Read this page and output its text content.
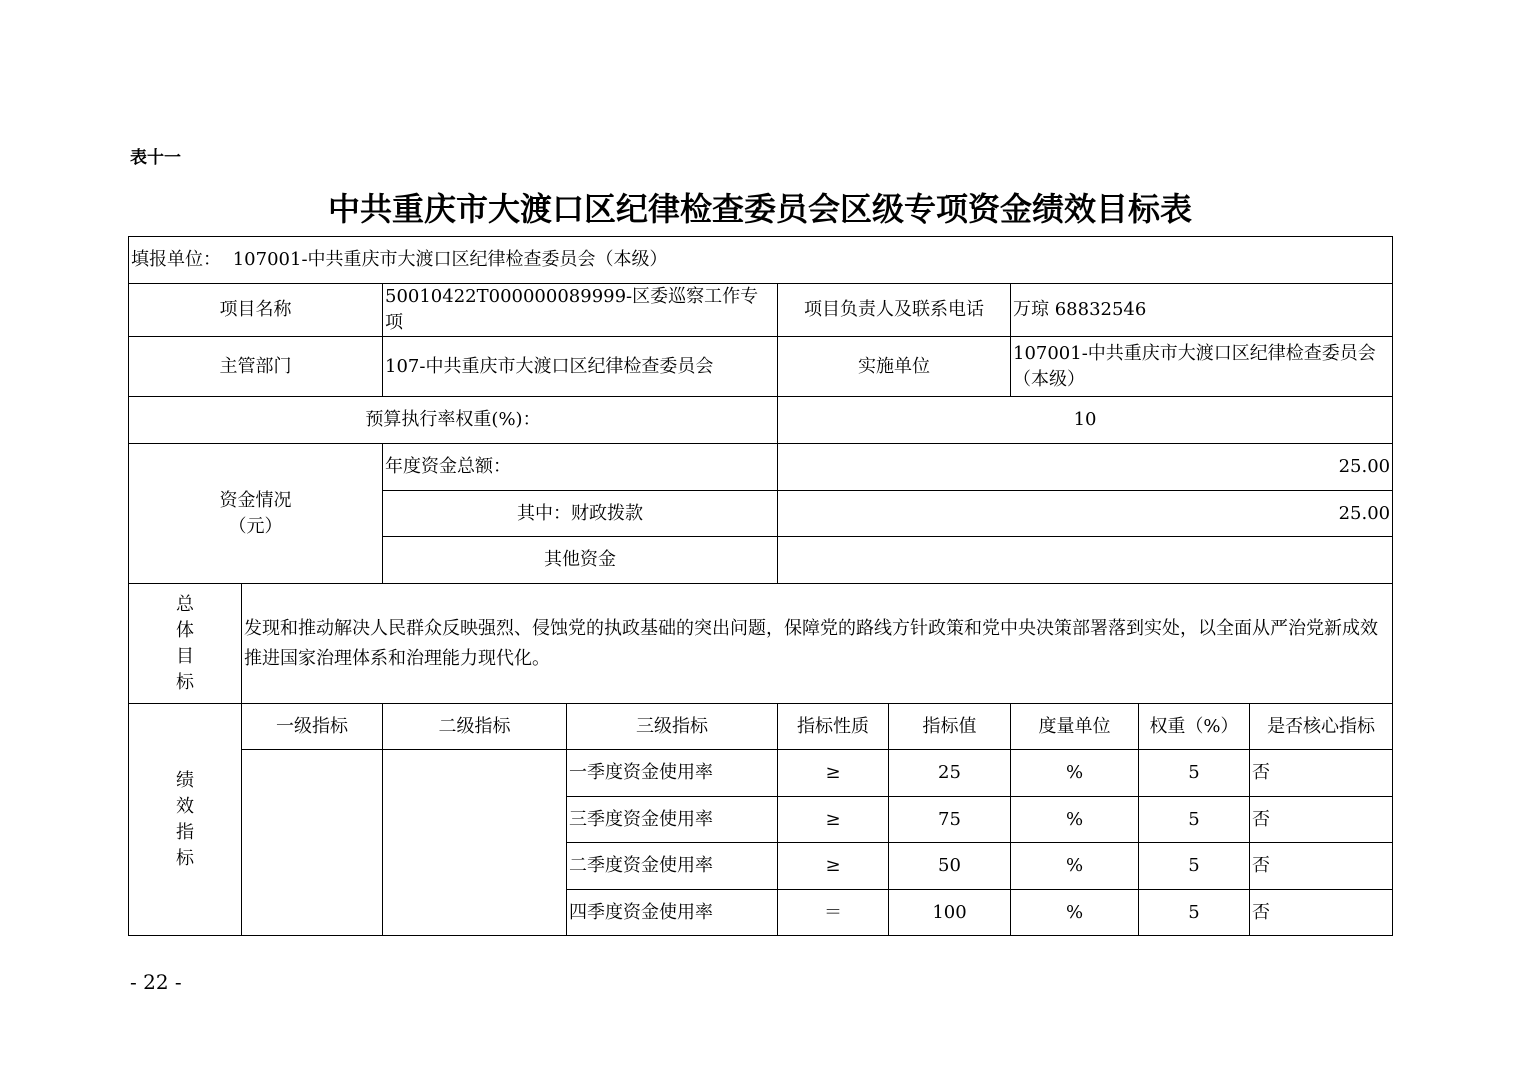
表十一
中共重庆市大渡口区纪律检查委员会区级专项资金绩效目标表
填报单位： 107001-中共重庆市大渡口区纪律检查委员会（本级）								
项目名称		50010422T000000089999-区委巡察工作专项		项目负责人及联系电话		万琼 68832546		
主管部门		107-中共重庆市大渡口区纪律检查委员会		实施单位		107001-中共重庆市大渡口区纪律检查委员会（本级）		
预算执行率权重(%)：				10				

资金情况
（元）		年度资金总额：		25.00				
		其中：财政拨款		25.00				
		其他资金						

总
体
目
标	发现和推动解决人民群众反映强烈、侵蚀党的执政基础的突出问题，保障党的路线方针政策和党中央决策部署落到实处，以全面从严治党新成效推进国家治理体系和治理能力现代化。							

绩
效
指
标	一级指标	二级指标	三级指标	指标性质	指标值	度量单位	权重（%）	是否核心指标
			一季度资金使用率	≥	25	%	5	否
			三季度资金使用率	≥	75	%	5	否
			二季度资金使用率	≥	50	%	5	否
			四季度资金使用率	＝	100	%	5	否
- 22 -
